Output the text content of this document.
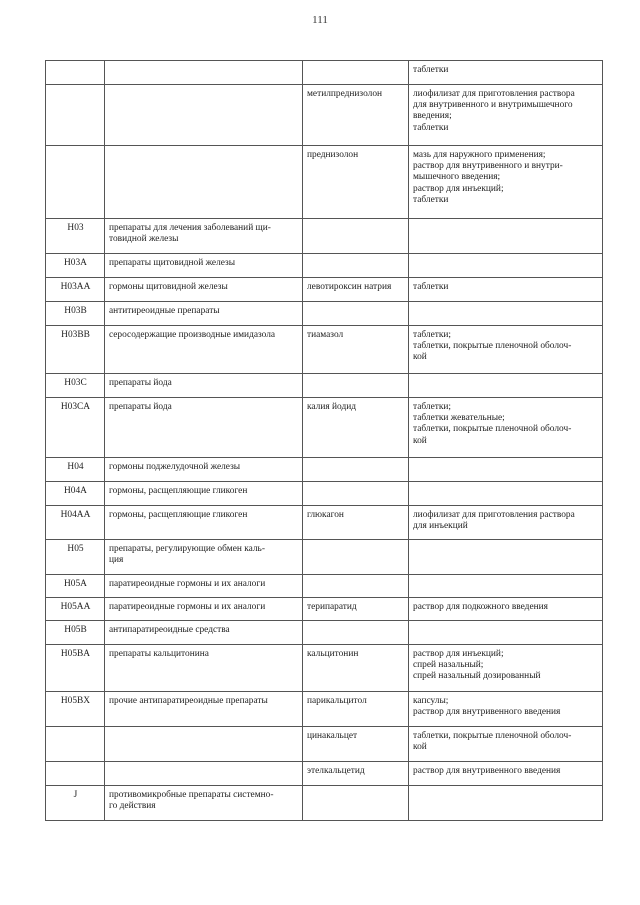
111
			таблетки
		метилпреднизолон	лиофилизат для приготовления раствора
для внутривенного и внутримышечного
введения;
таблетки
		преднизолон	мазь для наружного применения;
раствор для внутривенного и внутри-
мышечного введения;
раствор для инъекций;
таблетки
H03	препараты для лечения заболеваний щи-
товидной железы		
H03A	препараты щитовидной железы		
H03AA	гормоны щитовидной железы	левотироксин натрия	таблетки
H03B	антитиреоидные препараты		
H03BB	серосодержащие производные имидазола	тиамазол	таблетки;
таблетки, покрытые пленочной оболоч-
кой
H03C	препараты йода		
H03CA	препараты йода	калия йодид	таблетки;
таблетки жевательные;
таблетки, покрытые пленочной оболоч-
кой
H04	гормоны поджелудочной железы		
H04A	гормоны, расщепляющие гликоген		
H04AA	гормоны, расщепляющие гликоген	глюкагон	лиофилизат для приготовления раствора
для инъекций
H05	препараты, регулирующие обмен каль-
ция		
H05A	паратиреоидные гормоны и их аналоги		
H05AA	паратиреоидные гормоны и их аналоги	терипаратид	раствор для подкожного введения
H05B	антипаратиреоидные средства		
H05BA	препараты кальцитонина	кальцитонин	раствор для инъекций;
спрей назальный;
спрей назальный дозированный
H05BX	прочие антипаратиреоидные препараты	парикальцитол	капсулы;
раствор для внутривенного введения
		цинакальцет	таблетки, покрытые пленочной оболоч-
кой
		этелкальцетид	раствор для внутривенного введения
J	противомикробные препараты системно-
го действия		
